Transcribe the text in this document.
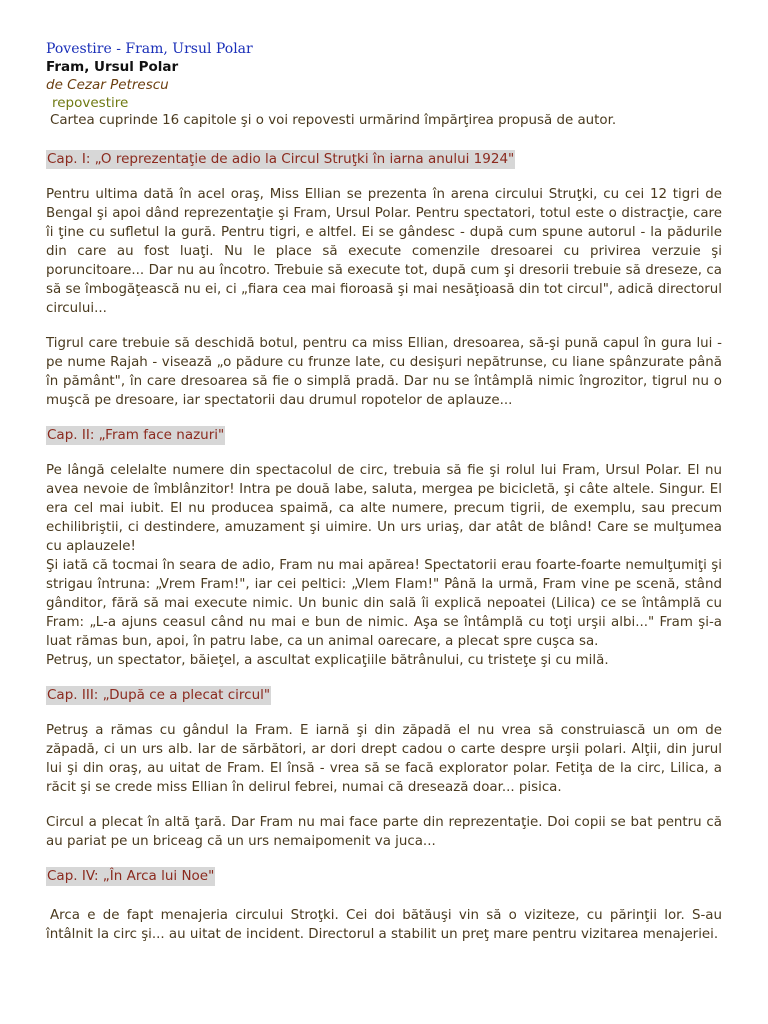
Povestire - Fram, Ursul Polar
Fram, Ursul Polar
de Cezar Petrescu
repovestire
Cartea cuprinde 16 capitole şi o voi repovesti urmărind împărţirea propusă de autor.
Cap. I: „O reprezentaţie de adio la Circul Struţki în iarna anului 1924"

Pentru ultima dată în acel oraş, Miss Ellian se prezenta în arena circului Struţki, cu cei 12 tigri de Bengal şi apoi dând reprezentaţie şi Fram, Ursul Polar. Pentru spectatori, totul este o distracţie, care îi ţine cu sufletul la gură. Pentru tigri, e altfel. Ei se gândesc - după cum spune autorul - la pădurile din care au fost luaţi. Nu le place să execute comenzile dresoarei cu privirea verzuie şi poruncitoare... Dar nu au încotro. Trebuie să execute tot, după cum şi dresorii trebuie să dreseze, ca să se îmbogăţească nu ei, ci „fiara cea mai fioroasă şi mai nesăţioasă din tot circul", adică directorul circului...

Tigrul care trebuie să deschidă botul, pentru ca miss Ellian, dresoarea, să-şi pună capul în gura lui - pe nume Rajah - visează „o pădure cu frunze late, cu desişuri nepătrunse, cu liane spânzurate până în pământ", în care dresoarea să fie o simplă pradă. Dar nu se întâmplă nimic îngrozitor, tigrul nu o muşcă pe dresoare, iar spectatorii dau drumul ropotelor de aplauze...

Cap. II: „Fram face nazuri"

Pe lângă celelalte numere din spectacolul de circ, trebuia să fie şi rolul lui Fram, Ursul Polar. El nu avea nevoie de îmblânzitor! Intra pe două labe, saluta, mergea pe bicicletă, şi câte altele. Singur. El era cel mai iubit. El nu producea spaimă, ca alte numere, precum tigrii, de exemplu, sau precum echilibriştii, ci destindere, amuzament şi uimire. Un urs uriaş, dar atât de blând! Care se mulţumea cu aplauzele!

Şi iată că tocmai în seara de adio, Fram nu mai apărea! Spectatorii erau foarte-foarte nemulţumiţi şi strigau întruna: „Vrem Fram!", iar cei peltici: „Vlem Flam!" Până la urmă, Fram vine pe scenă, stând gânditor, fără să mai execute nimic. Un bunic din sală îi explică nepoatei (Lilica) ce se întâmplă cu Fram: „L-a ajuns ceasul când nu mai e bun de nimic. Aşa se întâmplă cu toţi urşii albi..." Fram şi-a luat rămas bun, apoi, în patru labe, ca un animal oarecare, a plecat spre cuşca sa.

Petruş, un spectator, băieţel, a ascultat explicaţiile bătrânului, cu tristeţe şi cu milă.

Cap. III: „După ce a plecat circul"

Petruş a rămas cu gândul la Fram. E iarnă şi din zăpadă el nu vrea să construiască un om de zăpadă, ci un urs alb. Iar de sărbători, ar dori drept cadou o carte despre urşii polari. Alţii, din jurul lui şi din oraş, au uitat de Fram. El însă - vrea să se facă explorator polar. Fetiţa de la circ, Lilica, a răcit şi se crede miss Ellian în delirul febrei, numai că dresează doar... pisica.

Circul a plecat în altă ţară. Dar Fram nu mai face parte din reprezentaţie. Doi copii se bat pentru că au pariat pe un briceag că un urs nemaipomenit va juca...

Cap. IV: „În Arca lui Noe"

Arca e de fapt menajeria circului Stroţki. Cei doi bătăuşi vin să o viziteze, cu părinţii lor. S-au întâlnit la circ şi... au uitat de incident. Directorul a stabilit un preţ mare pentru vizitarea menajeriei.
